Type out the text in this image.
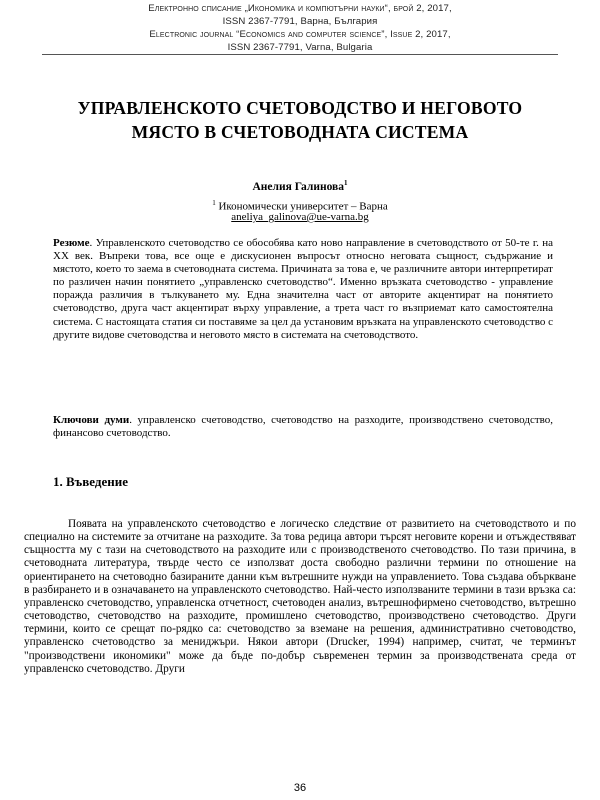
Електронно списание „Икономика и компютърни науки“, брой 2, 2017,
ISSN 2367-7791, Варна, България
Electronic journal “Economics and computer science”, Issue 2, 2017,
ISSN 2367-7791, Varna, Bulgaria
УПРАВЛЕНСКОТО СЧЕТОВОДСТВО И НЕГОВОТО
МЯСТО В СЧЕТОВОДНАТА СИСТЕМА
Анелия Галинова$^1$
$^1$ Икономически университет – Варна
aneliya_galinova@ue-varna.bg
Резюме. Управленското счетоводство се обособява като ново направление в счетоводството от 50-те г. на XX век. Въпреки това, все още е дискусионен въпросът относно неговата същност, съдържание и мястото, което то заема в счетоводната система. Причината за това е, че различните автори интерпретират по различен начин понятието „управленско счетоводство“. Именно връзката счетоводство - управление поражда различия в тълкуването му. Една значителна част от авторите акцентират на понятието счетоводство, друга част акцентират върху управление, а трета част го възприемат като самостоятелна система. С настоящата статия си поставяме за цел да установим връзката на управленското счетоводство с другите видове счетоводства и неговото място в системата на счетоводството.
Ключови думи. управленско счетоводство, счетоводство на разходите, производствено счетоводство, финансово счетоводство.
1. Въведение

Появата на управленското счетоводство е логическо следствие от развитието на счетоводството и по специално на системите за отчитане на разходите. За това редица автори търсят неговите корени и отъждествяват същността му с тази на счетоводството на разходите или с производственото счетоводство. По тази причина, в счетоводната литература, твърде често се използват доста свободно различни термини по отношение на ориентирането на счетоводно базираните данни към вътрешните нужди на управлението. Това създава объркване в разбирането и в означаването на управленското счетоводство. Най-често използваните термини в тази връзка са: управленско счетоводство, управленска отчетност, счетоводен анализ, вътрешнофирмено счетоводство, вътрешно счетоводство, счетоводство на разходите, промишлено счетоводство, производствено счетоводство. Други термини, които се срещат по-рядко са: счетоводство за вземане на решения, административно счетоводство, управленско счетоводство за мениджъри. Някои автори (Drucker, 1994) например, считат, че терминът "производствени икономики" може да бъде по-добър съвременен термин за производствената среда от управленско счетоводство. Други

36
